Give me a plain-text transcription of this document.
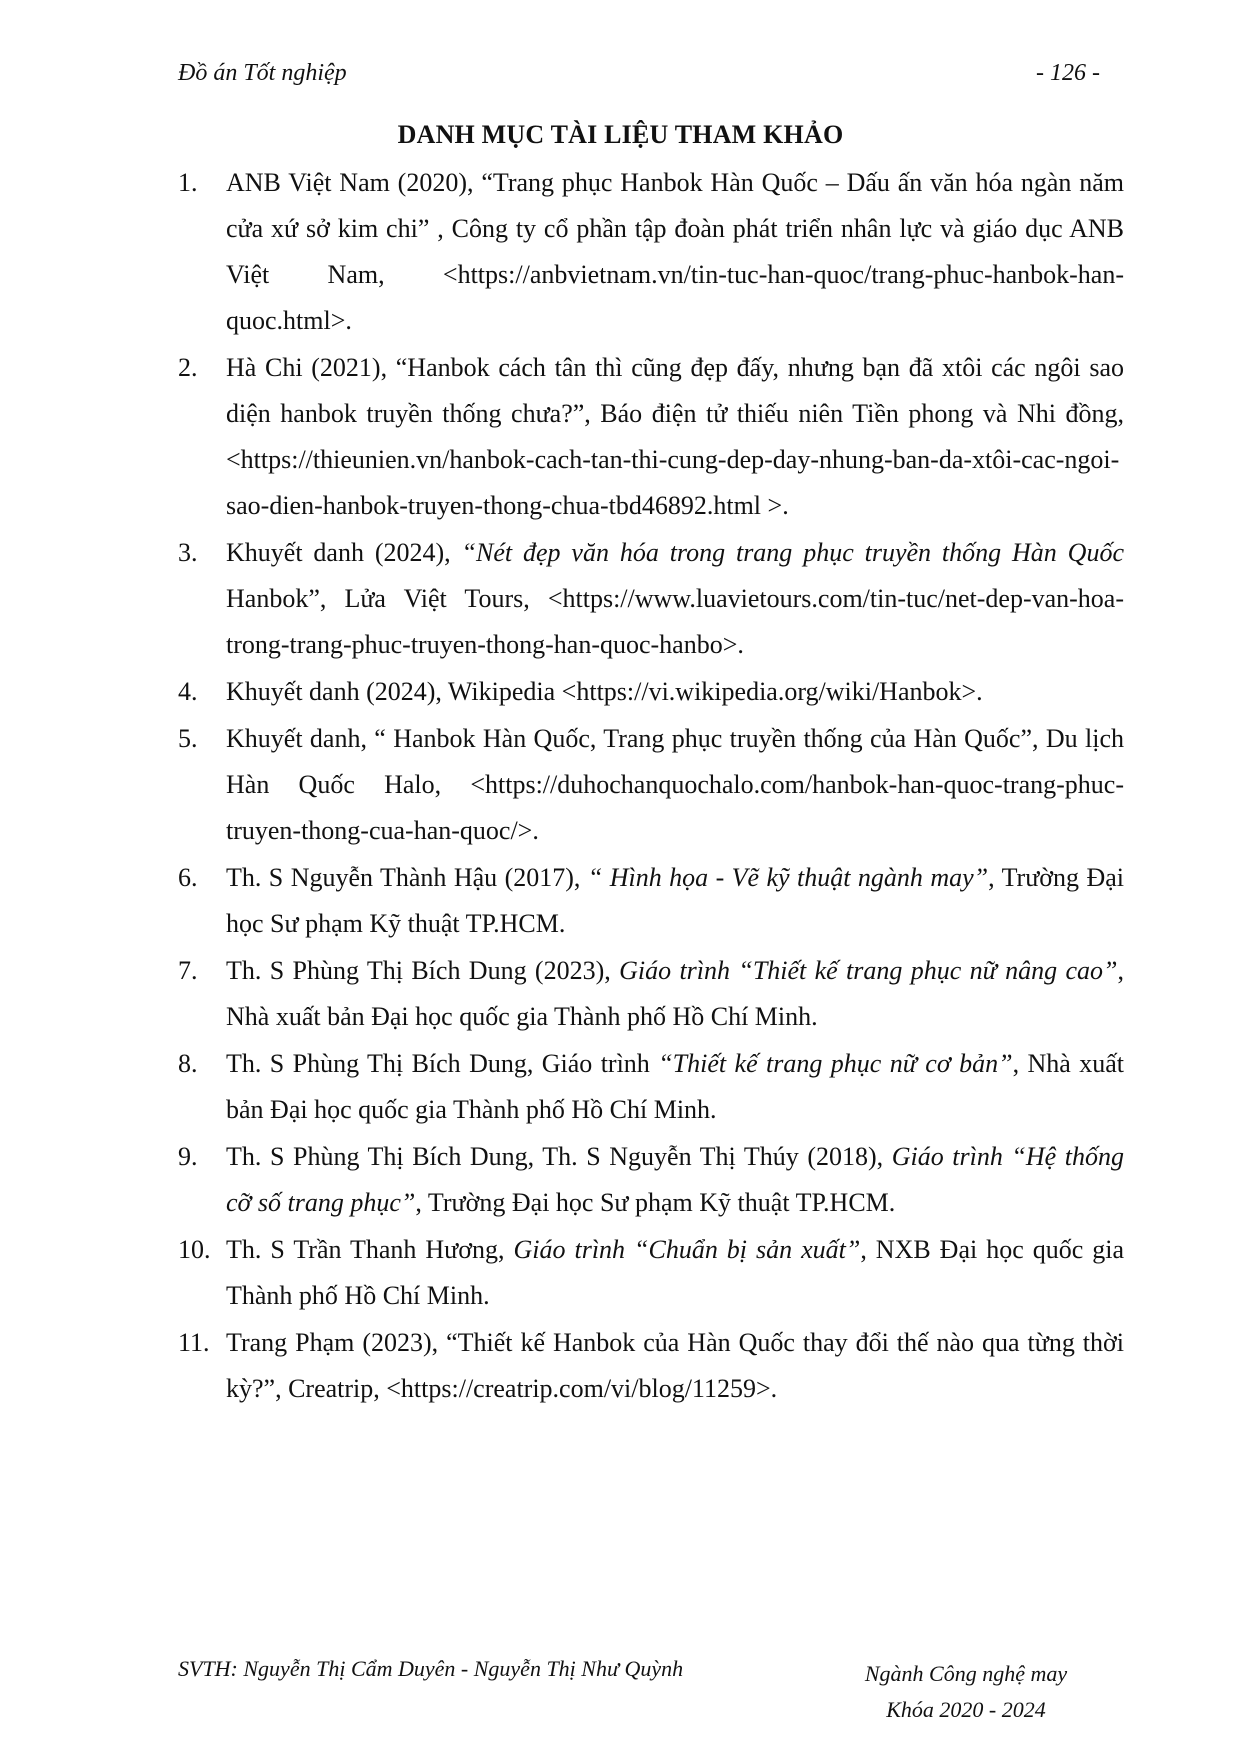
Đồ án Tốt nghiệp	- 126 -
DANH MỤC TÀI LIỆU THAM KHẢO
1.	ANB Việt Nam (2020), “Trang phục Hanbok Hàn Quốc – Dấu ấn văn hóa ngàn năm cửa xứ sở kim chi” , Công ty cổ phần tập đoàn phát triển nhân lực và giáo dục ANB Việt Nam, <https://anbvietnam.vn/tin-tuc-han-quoc/trang-phuc-hanbok-han-quoc.html>.
2.	Hà Chi (2021), “Hanbok cách tân thì cũng đẹp đấy, nhưng bạn đã xtôi các ngôi sao diện hanbok truyền thống chưa?”, Báo điện tử thiếu niên Tiền phong và Nhi đồng, <https://thieunien.vn/hanbok-cach-tan-thi-cung-dep-day-nhung-ban-da-xtôi-cac-ngoi-sao-dien-hanbok-truyen-thong-chua-tbd46892.html >.
3.	Khuyết danh (2024), “Nét đẹp văn hóa trong trang phục truyền thống Hàn Quốc Hanbok”, Lửa Việt Tours, <https://www.luavietours.com/tin-tuc/net-dep-van-hoa-trong-trang-phuc-truyen-thong-han-quoc-hanbo>.
4.	Khuyết danh (2024), Wikipedia <https://vi.wikipedia.org/wiki/Hanbok>.
5.	Khuyết danh, “ Hanbok Hàn Quốc, Trang phục truyền thống của Hàn Quốc”, Du lịch Hàn Quốc Halo, <https://duhochanquochalo.com/hanbok-han-quoc-trang-phuc-truyen-thong-cua-han-quoc/>.
6.	Th. S Nguyễn Thành Hậu (2017), “ Hình họa - Vẽ kỹ thuật ngành may”, Trường Đại học Sư phạm Kỹ thuật TP.HCM.
7.	Th. S Phùng Thị Bích Dung (2023), Giáo trình “Thiết kế trang phục nữ nâng cao”, Nhà xuất bản Đại học quốc gia Thành phố Hồ Chí Minh.
8.	Th. S Phùng Thị Bích Dung, Giáo trình “Thiết kế trang phục nữ cơ bản”, Nhà xuất bản Đại học quốc gia Thành phố Hồ Chí Minh.
9.	Th. S Phùng Thị Bích Dung, Th. S Nguyễn Thị Thúy (2018), Giáo trình “Hệ thống cỡ số trang phục”, Trường Đại học Sư phạm Kỹ thuật TP.HCM.
10. Th. S Trần Thanh Hương, Giáo trình “Chuẩn bị sản xuất”, NXB Đại học quốc gia Thành phố Hồ Chí Minh.
11. Trang Phạm (2023), “Thiết kế Hanbok của Hàn Quốc thay đổi thế nào qua từng thời kỳ?”, Creatrip, <https://creatrip.com/vi/blog/11259>.
SVTH: Nguyễn Thị Cẩm Duyên - Nguyễn Thị Như Quỳnh	Ngành Công nghệ may
Khóa 2020 - 2024
